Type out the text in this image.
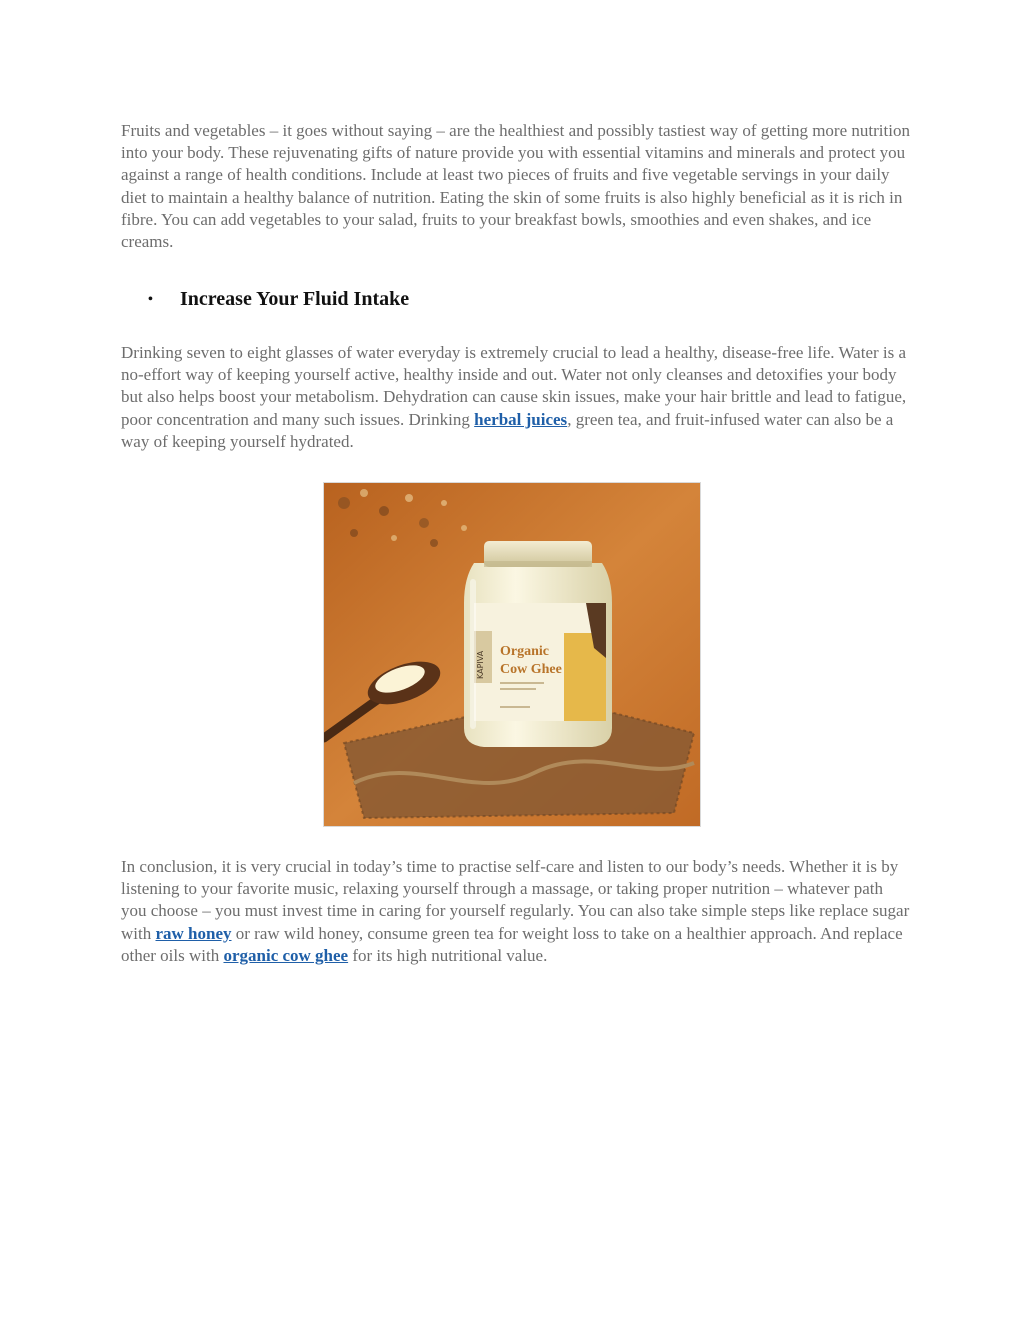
Fruits and vegetables – it goes without saying – are the healthiest and possibly tastiest way of getting more nutrition into your body. These rejuvenating gifts of nature provide you with essential vitamins and minerals and protect you against a range of health conditions. Include at least two pieces of fruits and five vegetable servings in your daily diet to maintain a healthy balance of nutrition. Eating the skin of some fruits is also highly beneficial as it is rich in fibre. You can add vegetables to your salad, fruits to your breakfast bowls, smoothies and even shakes, and ice creams.

• Increase Your Fluid Intake

Drinking seven to eight glasses of water everyday is extremely crucial to lead a healthy, disease-free life. Water is a no-effort way of keeping yourself active, healthy inside and out. Water not only cleanses and detoxifies your body but also helps boost your metabolism. Dehydration can cause skin issues, make your hair brittle and lead to fatigue, poor concentration and many such issues. Drinking herbal juices, green tea, and fruit-infused water can also be a way of keeping yourself hydrated.

KAPIVA Organic
Cow Ghee

In conclusion, it is very crucial in today’s time to practise self-care and listen to our body’s needs. Whether it is by listening to your favorite music, relaxing yourself through a massage, or taking proper nutrition – whatever path you choose – you must invest time in caring for yourself regularly. You can also take simple steps like replace sugar with raw honey or raw wild honey, consume green tea for weight loss to take on a healthier approach. And replace other oils with organic cow ghee for its high nutritional value.
